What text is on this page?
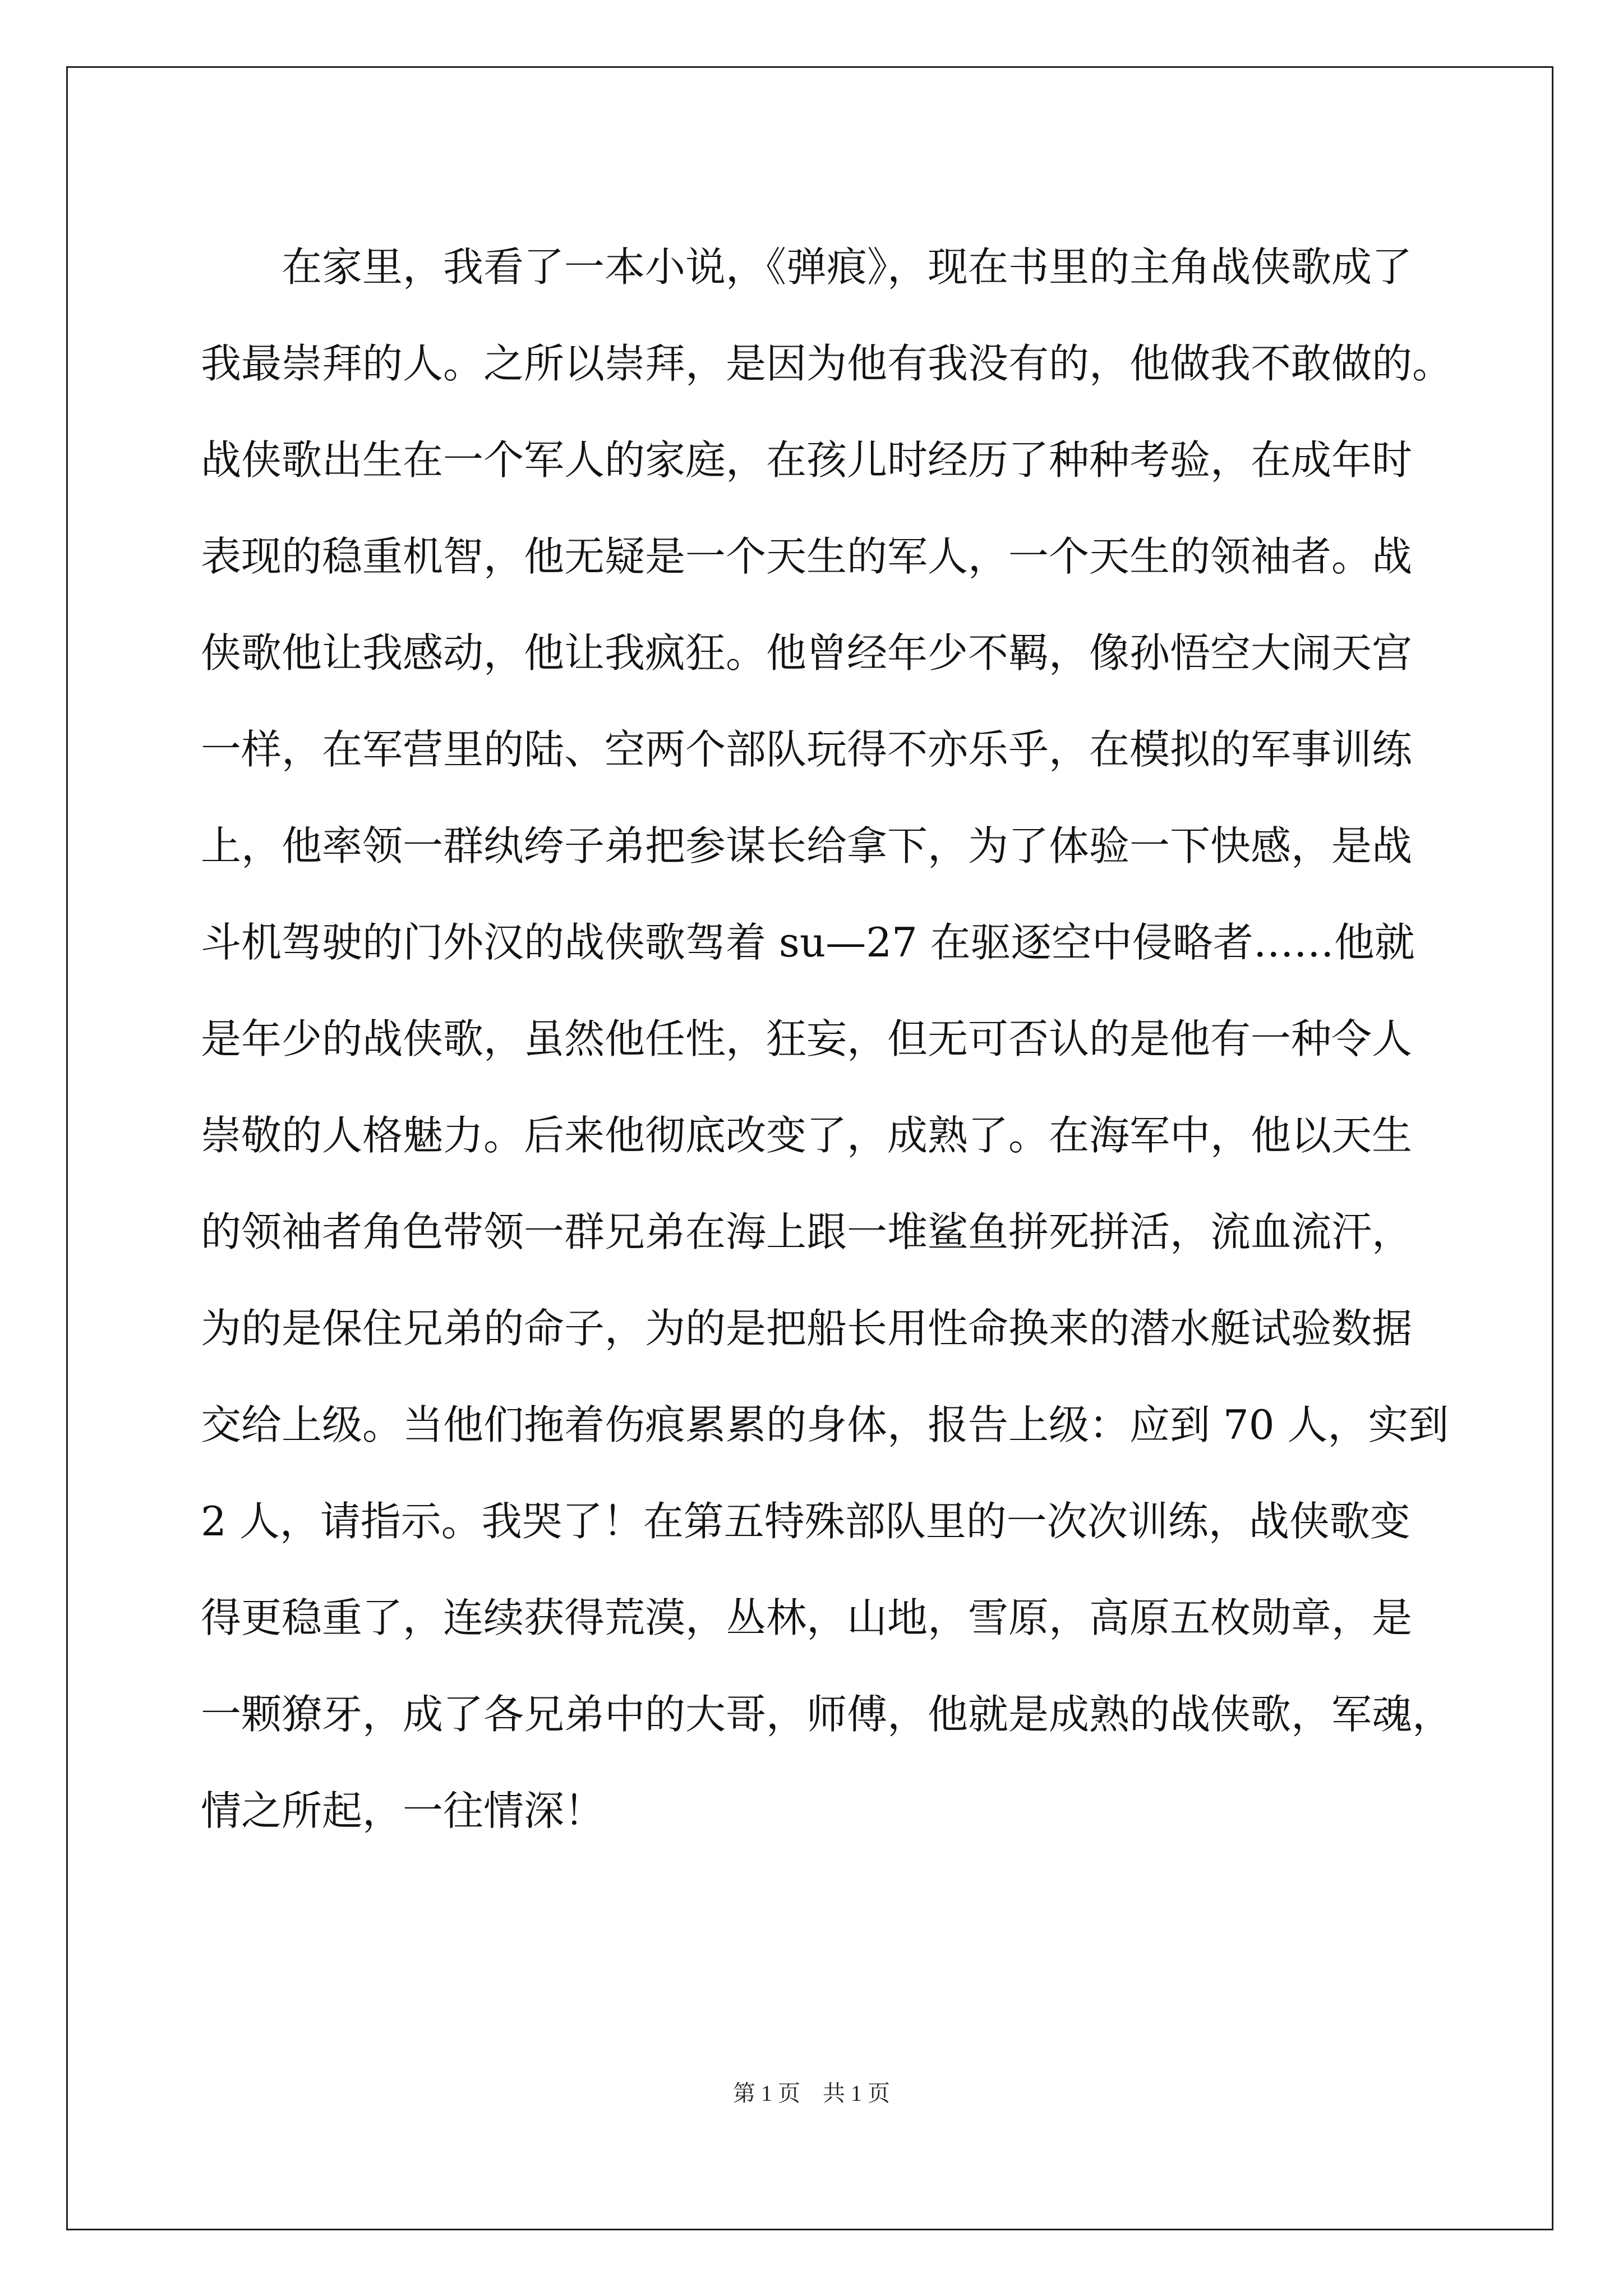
在家里，我看了一本小说，《弹痕》，现在书里的主角战侠歌成了
我最崇拜的人。之所以崇拜，是因为他有我没有的，他做我不敢做的。
战侠歌出生在一个军人的家庭，在孩儿时经历了种种考验，在成年时
表现的稳重机智，他无疑是一个天生的军人，一个天生的领袖者。战
侠歌他让我感动，他让我疯狂。他曾经年少不羁，像孙悟空大闹天宫
一样，在军营里的陆、空两个部队玩得不亦乐乎，在模拟的军事训练
上，他率领一群纨绔子弟把参谋长给拿下，为了体验一下快感，是战
斗机驾驶的门外汉的战侠歌驾着 su—27 在驱逐空中侵略者……他就
是年少的战侠歌，虽然他任性，狂妄，但无可否认的是他有一种令人
崇敬的人格魅力。后来他彻底改变了，成熟了。在海军中，他以天生
的领袖者角色带领一群兄弟在海上跟一堆鲨鱼拼死拼活，流血流汗，
为的是保住兄弟的命子，为的是把船长用性命换来的潜水艇试验数据
交给上级。当他们拖着伤痕累累的身体，报告上级：应到 70 人，实到
2 人，请指示。我哭了！在第五特殊部队里的一次次训练，战侠歌变
得更稳重了，连续获得荒漠，丛林，山地，雪原，高原五枚勋章，是
一颗獠牙，成了各兄弟中的大哥，师傅，他就是成熟的战侠歌，军魂，
情之所起，一往情深！
第 1 页　共 1 页
